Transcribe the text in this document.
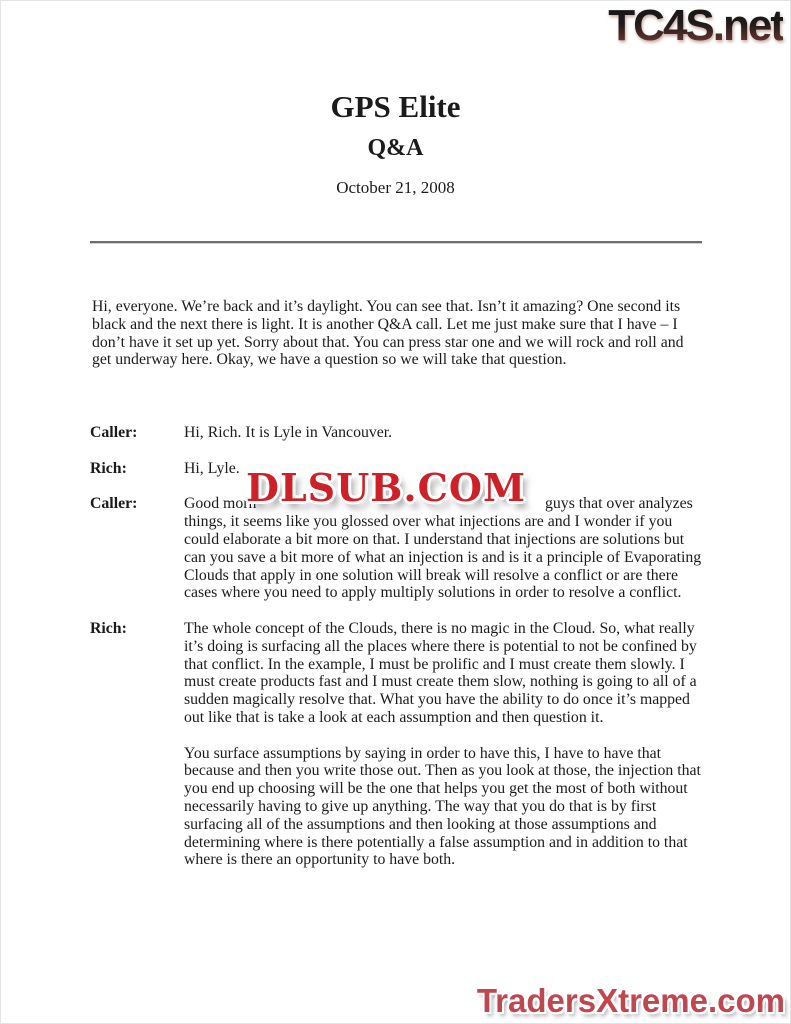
TC4S.net
GPS Elite
Q&A
October 21, 2008

Hi, everyone. We’re back and it’s daylight. You can see that. Isn’t it amazing? One second its black and the next there is light. It is another Q&A call. Let me just make sure that I have – I don’t have it set up yet. Sorry about that. You can press star one and we will rock and roll and get underway here. Okay, we have a question so we will take that question.

Caller:	Hi, Rich. It is Lyle in Vancouver.
Rich:	Hi, Lyle.
Caller:	Good morn	guys that over analyzes
DLSUB.COM
things, it seems like you glossed over what injections are and I wonder if you could elaborate a bit more on that. I understand that injections are solutions but can you save a bit more of what an injection is and is it a principle of Evaporating Clouds that apply in one solution will break will resolve a conflict or are there cases where you need to apply multiply solutions in order to resolve a conflict.
Rich:	The whole concept of the Clouds, there is no magic in the Cloud. So, what really it’s doing is surfacing all the places where there is potential to not be confined by that conflict. In the example, I must be prolific and I must create them slowly. I must create products fast and I must create them slow, nothing is going to all of a sudden magically resolve that. What you have the ability to do once it’s mapped out like that is take a look at each assumption and then question it.
You surface assumptions by saying in order to have this, I have to have that because and then you write those out. Then as you look at those, the injection that you end up choosing will be the one that helps you get the most of both without necessarily having to give up anything. The way that you do that is by first surfacing all of the assumptions and then looking at those assumptions and determining where is there potentially a false assumption and in addition to that where is there an opportunity to have both.
TradersXtreme.com
